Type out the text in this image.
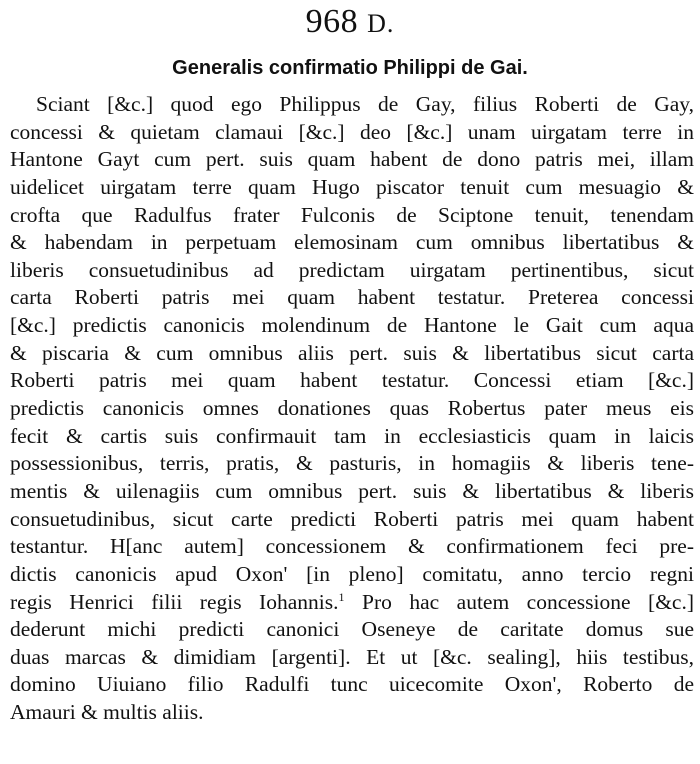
968 D.
Generalis confirmatio Philippi de Gai.
Sciant [&c.] quod ego Philippus de Gay, filius Roberti de Gay,
concessi & quietam clamaui [&c.] deo [&c.] unam uirgatam terre in
Hantone Gayt cum pert. suis quam habent de dono patris mei, illam
uidelicet uirgatam terre quam Hugo piscator tenuit cum mesuagio &
crofta que Radulfus frater Fulconis de Sciptone tenuit, tenendam
& habendam in perpetuam elemosinam cum omnibus libertatibus &
liberis consuetudinibus ad predictam uirgatam pertinentibus, sicut
carta Roberti patris mei quam habent testatur. Preterea concessi
[&c.] predictis canonicis molendinum de Hantone le Gait cum aqua
& piscaria & cum omnibus aliis pert. suis & libertatibus sicut carta
Roberti patris mei quam habent testatur. Concessi etiam [&c.]
predictis canonicis omnes donationes quas Robertus pater meus eis
fecit & cartis suis confirmauit tam in ecclesiasticis quam in laicis
possessionibus, terris, pratis, & pasturis, in homagiis & liberis tene-
mentis & uilenagiis cum omnibus pert. suis & libertatibus & liberis
consuetudinibus, sicut carte predicti Roberti patris mei quam habent
testantur. H[anc autem] concessionem & confirmationem feci pre-
dictis canonicis apud Oxon' [in pleno] comitatu, anno tercio regni
regis Henrici filii regis Iohannis.$^1$ Pro hac autem concessione [&c.]
dederunt michi predicti canonici Oseneye de caritate domus sue
duas marcas & dimidiam [argenti]. Et ut [&c. sealing], hiis testibus,
domino Uiuiano filio Radulfi tunc uicecomite Oxon', Roberto de
Amauri & multis aliis.
